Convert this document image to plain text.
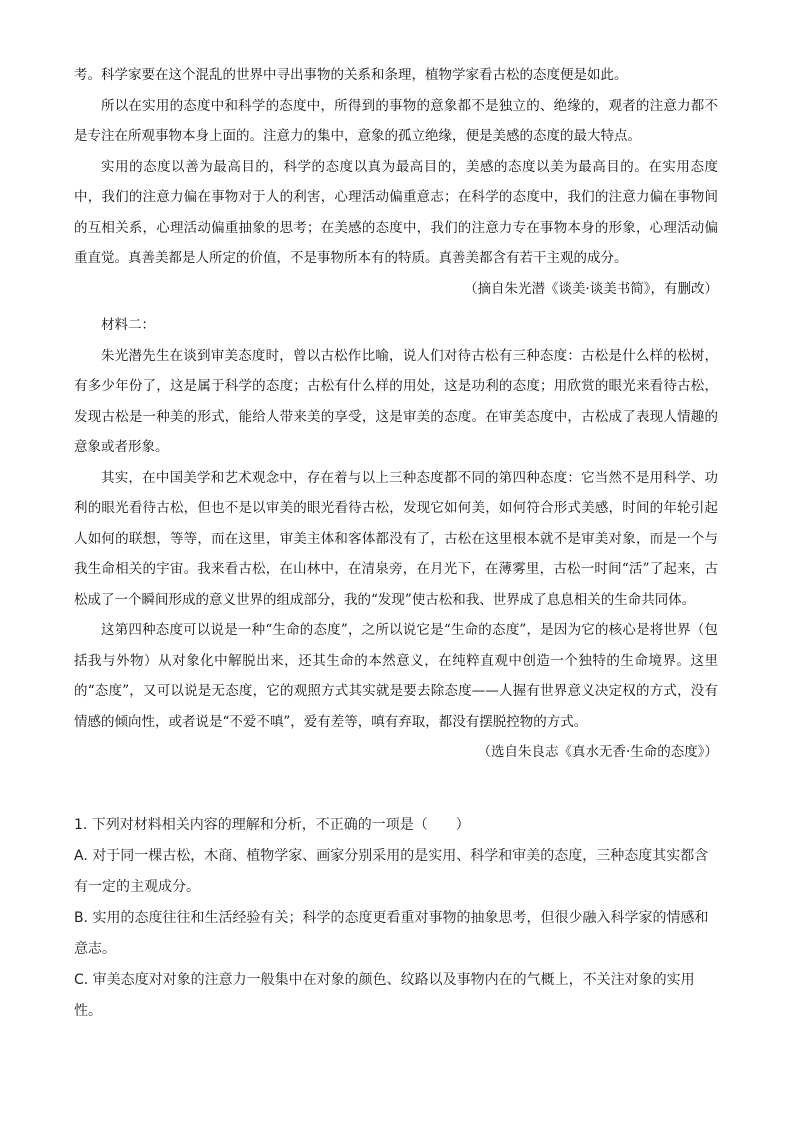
考。科学家要在这个混乱的世界中寻出事物的关系和条理，植物学家看古松的态度便是如此。

所以在实用的态度中和科学的态度中，所得到的事物的意象都不是独立的、绝缘的，观者的注意力都不是专注在所观事物本身上面的。注意力的集中，意象的孤立绝缘，便是美感的态度的最大特点。

实用的态度以善为最高目的，科学的态度以真为最高目的，美感的态度以美为最高目的。在实用态度中，我们的注意力偏在事物对于人的利害，心理活动偏重意志；在科学的态度中，我们的注意力偏在事物间的互相关系，心理活动偏重抽象的思考；在美感的态度中，我们的注意力专在事物本身的形象，心理活动偏重直觉。真善美都是人所定的价值，不是事物所本有的特质。真善美都含有若干主观的成分。

（摘自朱光潜《谈美·谈美书简》，有删改）

材料二：

朱光潜先生在谈到审美态度时，曾以古松作比喻，说人们对待古松有三种态度：古松是什么样的松树，有多少年份了，这是属于科学的态度；古松有什么样的用处，这是功利的态度；用欣赏的眼光来看待古松，发现古松是一种美的形式，能给人带来美的享受，这是审美的态度。在审美态度中，古松成了表现人情趣的意象或者形象。

其实，在中国美学和艺术观念中，存在着与以上三种态度都不同的第四种态度：它当然不是用科学、功利的眼光看待古松，但也不是以审美的眼光看待古松，发现它如何美，如何符合形式美感，时间的年轮引起人如何的联想，等等，而在这里，审美主体和客体都没有了，古松在这里根本就不是审美对象，而是一个与我生命相关的宇宙。我来看古松，在山林中，在清泉旁，在月光下，在薄雾里，古松一时间“活”了起来，古松成了一个瞬间形成的意义世界的组成部分，我的“发现”使古松和我、世界成了息息相关的生命共同体。

这第四种态度可以说是一种“生命的态度”，之所以说它是“生命的态度”，是因为它的核心是将世界（包括我与外物）从对象化中解脱出来，还其生命的本然意义，在纯粹直观中创造一个独特的生命境界。这里的“态度”，又可以说是无态度，它的观照方式其实就是要去除态度——人握有世界意义决定权的方式，没有情感的倾向性，或者说是“不爱不嗔”，爱有差等，嗔有弃取，都没有摆脱控物的方式。

（选自朱良志《真水无香·生命的态度》）

1. 下列对材料相关内容的理解和分析，不正确的一项是（　　）

A. 对于同一棵古松，木商、植物学家、画家分别采用的是实用、科学和审美的态度，三种态度其实都含
有一定的主观成分。

B. 实用的态度往往和生活经验有关；科学的态度更看重对事物的抽象思考，但很少融入科学家的情感和
意志。

C. 审美态度对对象的注意力一般集中在对象的颜色、纹路以及事物内在的气概上，不关注对象的实用
性。
